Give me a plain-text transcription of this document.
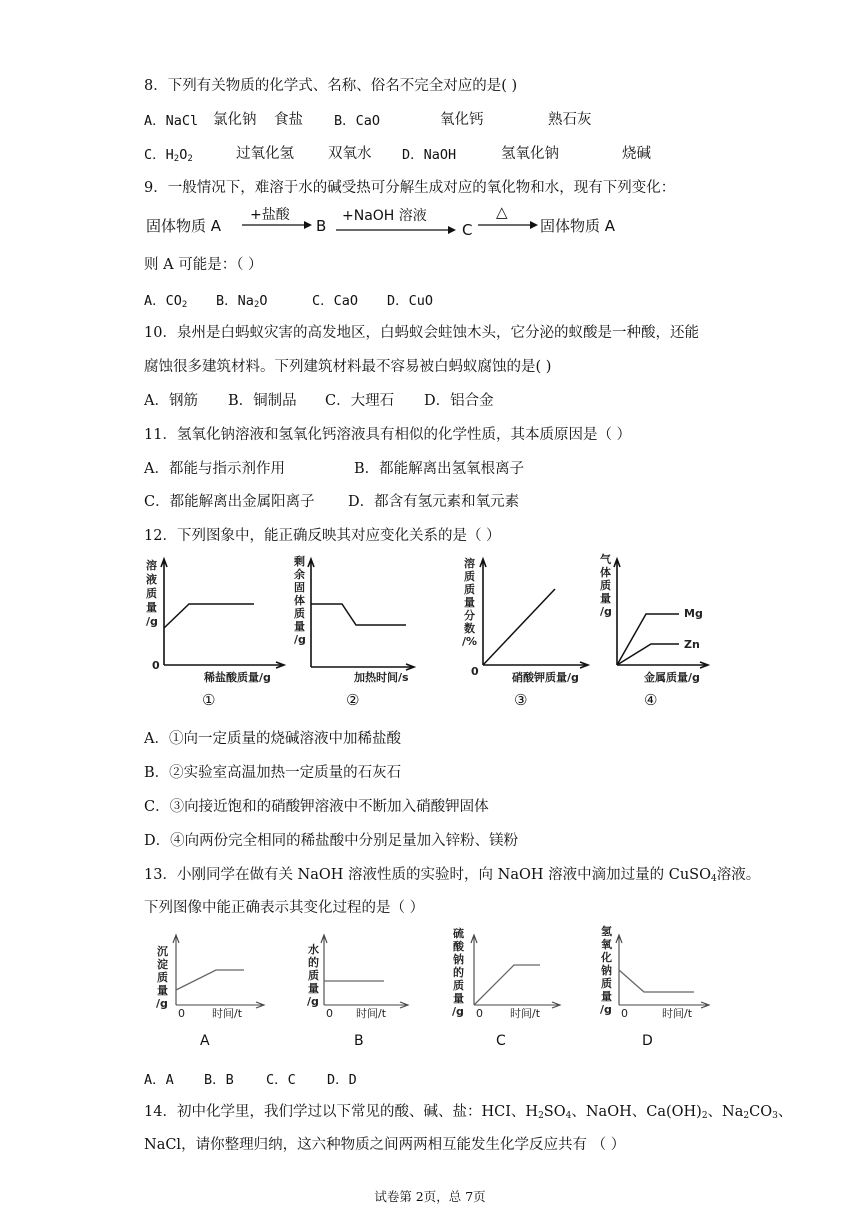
8．下列有关物质的化学式、名称、俗名不完全对应的是( )
A．NaCl 氯化钠 食盐 B．CaO	氧化钙	熟石灰
C．$H_2O_2$	过氧化氢 双氧水 D．NaOH	氢氧化钠	烧碱
9．一般情况下，难溶于水的碱受热可分解生成对应的氧化物和水，现有下列变化：
固体物质 A
+盐酸
B
+NaOH 溶液
C
△
固体物质 A
则 A 可能是：（ ）
A．$CO_2$ B．$Na_2O$	C．CaO D．CuO
10．泉州是白蚂蚁灾害的高发地区，白蚂蚁会蛀蚀木头，它分泌的蚁酸是一种酸，还能
腐蚀很多建筑材料。下列建筑材料最不容易被白蚂蚁腐蚀的是( )
A．钢筋 B．铜制品 C．大理石 D．铝合金
11．氢氧化钠溶液和氢氧化钙溶液具有相似的化学性质，其本质原因是（ ）
A．都能与指示剂作用	B．都能解离出氢氧根离子
C．都能解离出金属阳离子 D．都含有氢元素和氧元素
12．下列图象中，能正确反映其对应变化关系的是（ ）
溶
液
质
量
/g
0
稀盐酸质量/g
①
剩
余
固
体
质
量
/g
加热时间/s
②
溶
质
质
量
分
数
/%
0	硝酸钾质量/g
③
气
体
质
量
/g	Mg
Zn
金属质量/g
④
A．①向一定质量的烧碱溶液中加稀盐酸
B．②实验室高温加热一定质量的石灰石
C．③向接近饱和的硝酸钾溶液中不断加入硝酸钾固体
D．④向两份完全相同的稀盐酸中分别足量加入锌粉、镁粉
13．小刚同学在做有关 NaOH 溶液性质的实验时，向 NaOH 溶液中滴加过量的 CuSO$_4$溶液。
下列图像中能正确表示其变化过程的是（ ）
沉
淀
质
量
/g
0 时间/t
A
水
的
质
量
/g
0 时间/t
B
硫
酸
钠
的
质
量
/g 0 时间/t
C
氢
氧
化
钠
质
量
/g 0	时间/t
D
A．A B．B C．C D．D
14．初中化学里，我们学过以下常见的酸、碱、盐：HCI、$H_2SO_4$、NaOH、$Ca(OH)_2$、$Na_2CO_3$、
NaCl，请你整理归纳，这六种物质之间两两相互能发生化学反应共有 （ ）
试卷第 2页，总 7页
